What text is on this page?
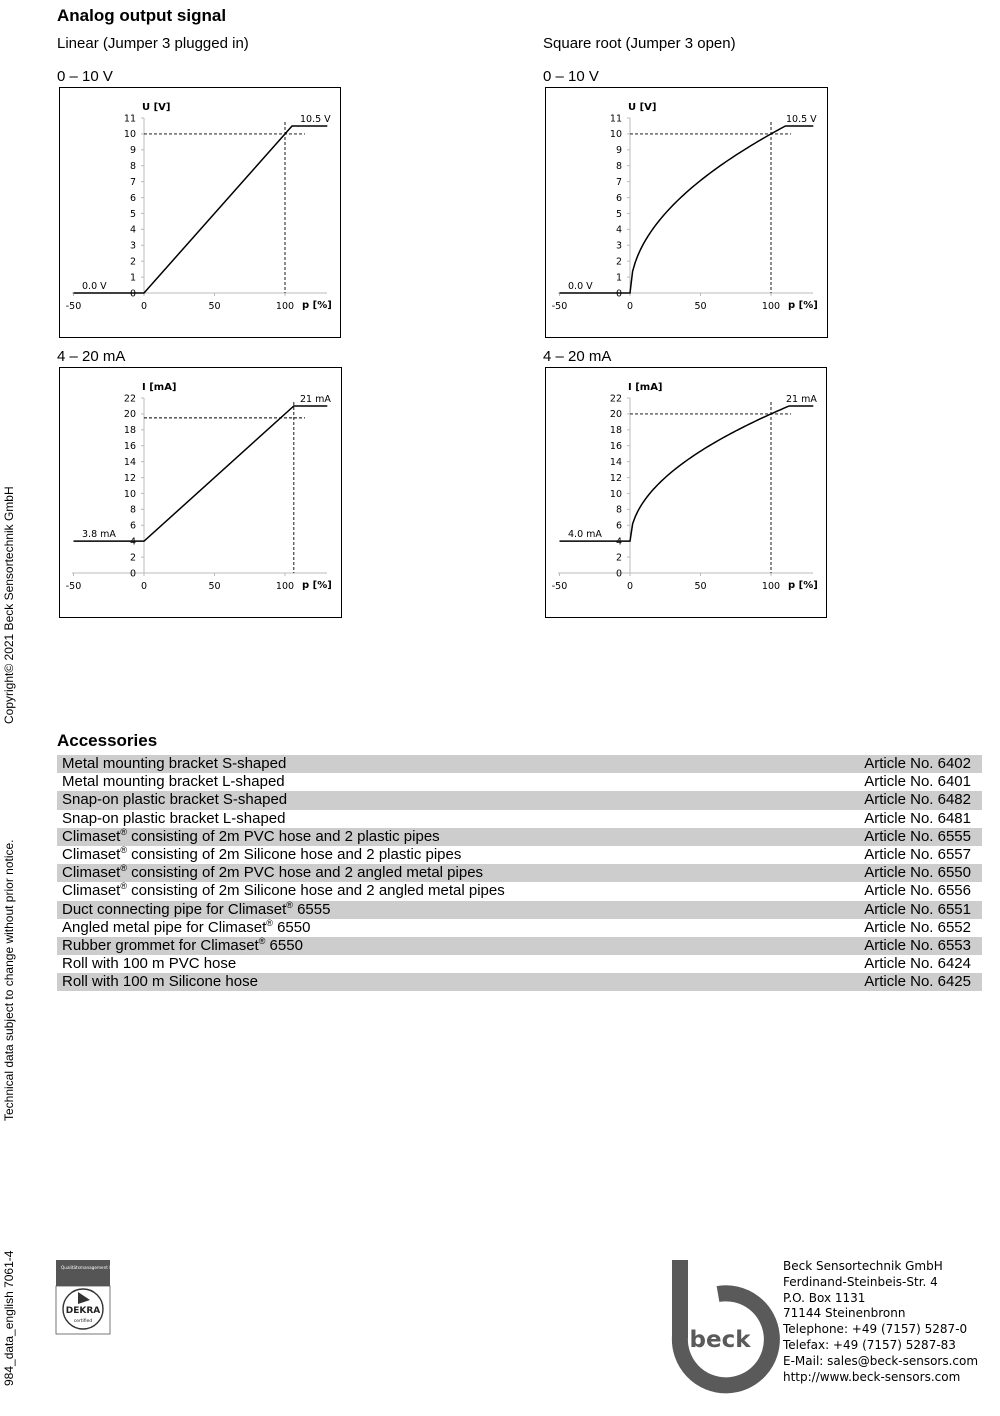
Analog output signal
Linear (Jumper 3 plugged in)	Square root (Jumper 3 open)
0 – 10 V	0 – 10 V
4 – 20 mA	4 – 20 mA
0
1
2
3
4
5
6
7
8
9
10
11
-50	0	50	100
U [V]
p [%]
0.0 V
10.5 V
0
1
2
3
4
5
6
7
8
9
10
11
-50	0	50	100
U [V]
p [%]
0.0 V
10.5 V
0
2
4
6
8
10
12
14
16
18
20
22
-50	0	50	100
I [mA]
p [%]
3.8 mA
21 mA
0
2
4
6
8
10
12
14
16
18
20
22
-50	0	50	100
I [mA]
p [%]
4.0 mA
21 mA
Accessories
Metal mounting bracket S-shaped	Article No. 6402
Metal mounting bracket L-shaped	Article No. 6401
Snap-on plastic bracket S-shaped	Article No. 6482
Snap-on plastic bracket L-shaped	Article No. 6481
Climaset® consisting of 2m PVC hose and 2 plastic pipes	Article No. 6555
Climaset® consisting of 2m Silicone hose and 2 plastic pipes	Article No. 6557
Climaset® consisting of 2m PVC hose and 2 angled metal pipes	Article No. 6550
Climaset® consisting of 2m Silicone hose and 2 angled metal pipes	Article No. 6556
Duct connecting pipe for Climaset® 6555	Article No. 6551
Angled metal pipe for Climaset® 6550	Article No. 6552
Rubber grommet for Climaset® 6550	Article No. 6553
Roll with 100 m PVC hose	Article No. 6424
Roll with 100 m Silicone hose	Article No. 6425
Copyright© 2021 Beck Sensortechnik GmbH
Technical data subject to change without prior notice.
984_data_english 7061-4	Qualitätsmanagement ISO 9001
DEKRA
certified
beck
Beck Sensortechnik GmbH
Ferdinand-Steinbeis-Str. 4
P.O. Box 1131
71144 Steinenbronn
Telephone: +49 (7157) 5287-0
Telefax: +49 (7157) 5287-83
E-Mail: sales@beck-sensors.com
http://www.beck-sensors.com
